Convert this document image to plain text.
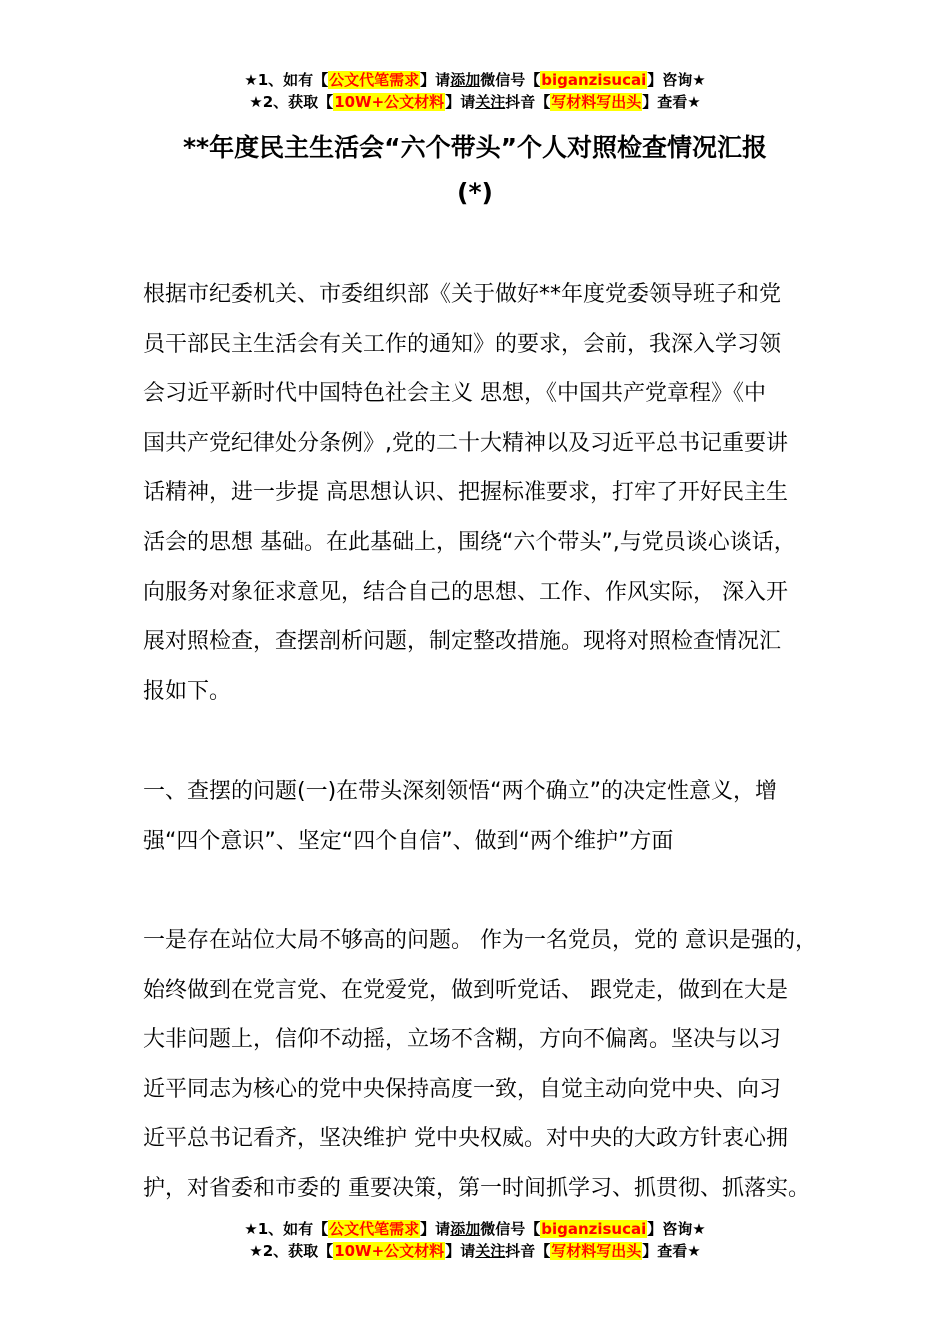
★1、如有【公文代笔需求】请添加微信号【biganzisucai】咨询★
★2、获取【10W+公文材料】请关注抖音【写材料写出头】查看★
**年度民主生活会“六个带头”个人对照检查情况汇报
(*)
根据市纪委机关、市委组织部《关于做好**年度党委领导班子和党
员干部民主生活会有关工作的通知》的要求，会前，我深入学习领
会习近平新时代中国特色社会主义 思想，《中国共产党章程》《中
国共产党纪律处分条例》,党的二十大精神以及习近平总书记重要讲
话精神，进一步提 高思想认识、把握标准要求，打牢了开好民主生
活会的思想 基础。在此基础上，围绕“六个带头”,与党员谈心谈话，
向服务对象征求意见，结合自己的思想、工作、作风实际， 深入开
展对照检查，查摆剖析问题，制定整改措施。现将对照检查情况汇
报如下。
一、查摆的问题(一)在带头深刻领悟“两个确立”的决定性意义，增
强“四个意识”、坚定“四个自信”、做到“两个维护”方面
一是存在站位大局不够高的问题。 作为一名党员，党的 意识是强的，
始终做到在党言党、在党爱党，做到听党话、 跟党走，做到在大是
大非问题上，信仰不动摇，立场不含糊，方向不偏离。坚决与以习
近平同志为核心的党中央保持高度一致，自觉主动向党中央、向习
近平总书记看齐，坚决维护 党中央权威。对中央的大政方针衷心拥
护，对省委和市委的 重要决策，第一时间抓学习、抓贯彻、抓落实。
★1、如有【公文代笔需求】请添加微信号【biganzisucai】咨询★
★2、获取【10W+公文材料】请关注抖音【写材料写出头】查看★
